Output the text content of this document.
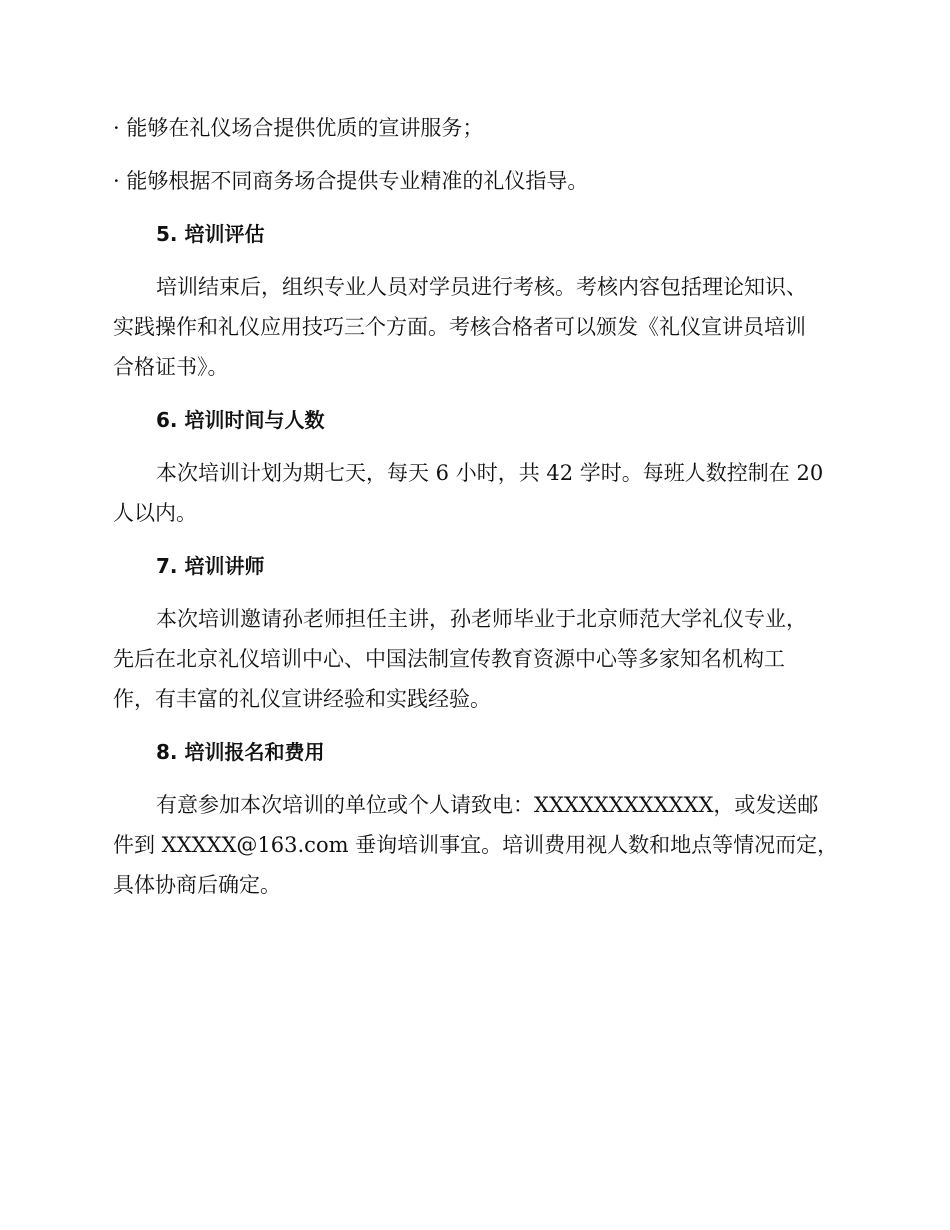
· 能够在礼仪场合提供优质的宣讲服务；

· 能够根据不同商务场合提供专业精准的礼仪指导。

5. 培训评估

培训结束后，组织专业人员对学员进行考核。考核内容包括理论知识、
实践操作和礼仪应用技巧三个方面。考核合格者可以颁发《礼仪宣讲员培训
合格证书》。

6. 培训时间与人数

本次培训计划为期七天，每天 6 小时，共 42 学时。每班人数控制在 20
人以内。

7. 培训讲师

本次培训邀请孙老师担任主讲，孙老师毕业于北京师范大学礼仪专业，
先后在北京礼仪培训中心、中国法制宣传教育资源中心等多家知名机构工
作，有丰富的礼仪宣讲经验和实践经验。

8. 培训报名和费用

有意参加本次培训的单位或个人请致电：XXXXXXXXXXXX，或发送邮
件到 XXXXX@163.com 垂询培训事宜。培训费用视人数和地点等情况而定，
具体协商后确定。
